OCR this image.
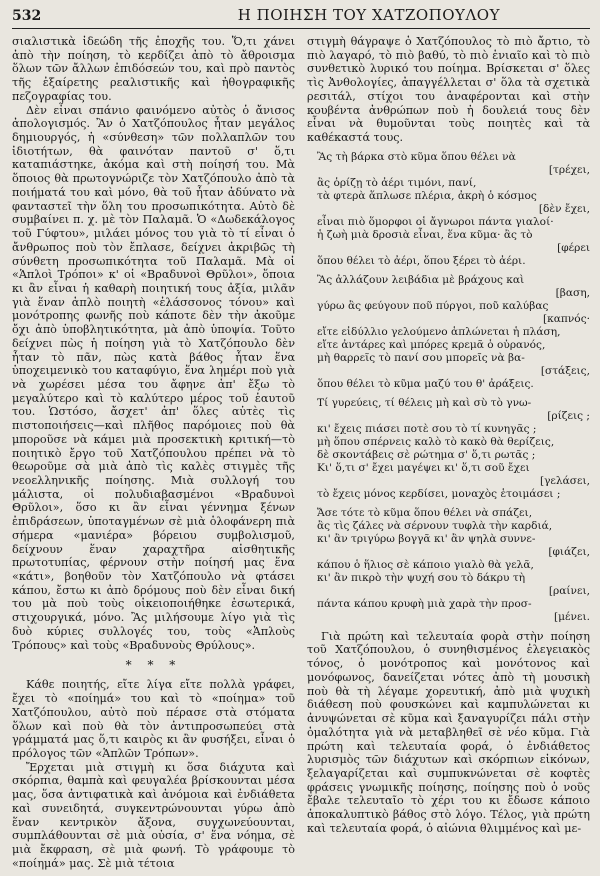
532	Η ΠΟΙΗΣΗ ΤΟΥ ΧΑΤΖΟΠΟΥΛΟΥ

σιαλιστικὰ ἰδεώδη τῆς ἐποχῆς του. Ὅ,τι χάνει ἀπὸ τὴν ποίηση, τὸ κερδίζει ἀπὸ τὸ ἄθροισμα ὅλων τῶν ἄλλων ἐπιδόσεών του, καὶ πρὸ παντὸς τῆς ἐξαίρετης ρεαλιστικῆς καὶ ἠθογραφικῆς πεζογραφίας του.

Δὲν εἶναι σπάνιο φαινόμενο αὐτὸς ὁ ἄνισος ἀπολογισμός. Ἂν ὁ Χατζόπουλος ἦταν μεγάλος δημιουργός, ἡ «σύνθεση» τῶν πολλαπλῶν του ἰδιοτήτων, θὰ φαινόταν παντοῦ σ' ὅ,τι καταπιάστηκε, ἀκόμα καὶ στὴ ποίησή του. Μὰ ὅποιος θὰ πρωτογνώριζε τὸν Χατζόπουλο ἀπὸ τὰ ποιήματά του καὶ μόνο, θὰ τοῦ ἦταν ἀδύνατο νὰ φανταστεῖ τὴν ὅλη του προσωπικότητα. Αὐτὸ δὲ συμβαίνει π. χ. μὲ τὸν Παλαμᾶ. Ὁ «Δωδεκάλογος τοῦ Γύφτου», μιλάει μόνος του γιὰ τὸ τί εἶναι ὁ ἄνθρωπος ποὺ τὸν ἔπλασε, δείχνει ἀκριβῶς τὴ σύνθετη προσωπικότητα τοῦ Παλαμᾶ. Μὰ οἱ «Ἁπλοὶ Τρόποι» κ' οἱ «Βραδυνοὶ Θρῦλοι», ὅποια κι ἂν εἶναι ἡ καθαρὴ ποιητική τους ἀξία, μιλᾶν γιὰ ἕναν ἁπλὸ ποιητὴ «ἐλάσσονος τόνου» καὶ μονότροπης φωνῆς ποὺ κάποτε δὲν τὴν ἀκοῦμε ὄχι ἀπὸ ὑποβλητικότητα, μὰ ἀπὸ ὑποψία. Τοῦτο δείχνει πὼς ἡ ποίηση γιὰ τὸ Χατζόπουλο δὲν ἦταν τὸ πᾶν, πὼς κατὰ βάθος ἦταν ἕνα ὑποχειμενικὸ του καταφύγιο, ἕνα λημέρι ποὺ γιὰ νὰ χωρέσει μέσα του ἄφηνε ἀπ' ἔξω τὸ μεγαλύτερο καὶ τὸ καλύτερο μέρος τοῦ ἑαυτοῦ του. Ὡστόσο, ἄσχετ' ἀπ' ὅλες αὐτὲς τὶς πιστοποιήσεις—καὶ πλῆθος παρόμοιες ποὺ θὰ μποροῦσε νὰ κάμει μιὰ προσεκτικὴ κριτική—τὸ ποιητικὸ ἔργο τοῦ Χατζόπουλου πρέπει νὰ τὸ θεωροῦμε σὰ μιὰ ἀπὸ τὶς καλὲς στιγμὲς τῆς νεοελληνικῆς ποίησης. Μιὰ συλλογή του μάλιστα, οἱ πολυδιαβασμένοι «Βραδυνοὶ Θρῦλοι», ὅσο κι ἂν εἶναι γέννημα ξένων ἐπιδράσεων, ὑποταγμένων σὲ μιὰ ὁλοφάνερη πιὰ σήμερα «μανιέρα» βόρειου συμβολισμοῦ, δείχνουν ἕναν χαραχτῆρα αἰσθητικῆς πρωτοτυπίας, φέρνουν στὴν ποίησή μας ἕνα «κάτι», βοηθοῦν τὸν Χατζόπουλο νὰ φτάσει κάπου, ἔστω κι ἀπὸ δρόμους ποὺ δὲν εἶναι δική του μὰ ποὺ τοὺς οἰκειοποιήθηκε ἐσωτερικά, στιχουργικά, μόνο. Ἂς μιλήσουμε λίγο γιὰ τὶς δυὸ κύριες συλλογές του, τοὺς «Ἁπλοὺς Τρόπους» καὶ τοὺς «Βραδυνοὺς Θρύλους».

* * *

Κάθε ποιητής, εἴτε λίγα εἴτε πολλὰ γράφει, ἔχει τὸ «ποίημά» του καὶ τὸ «ποίημα» τοῦ Χατζόπουλου, αὐτὸ ποὺ πέρασε στὰ στόματα ὅλων καὶ ποὺ θὰ τὸν ἀντιπροσωπεύει στὰ γράμματά μας ὅ,τι καιρὸς κι ἂν φυσήξει, εἶναι ὁ πρόλογος τῶν «Ἁπλῶν Τρόπων».

Ἔρχεται μιὰ στιγμὴ κι ὅσα διάχυτα καὶ σκόρπια, θαμπὰ καὶ φευγαλέα βρίσκουνται μέσα μας, ὅσα ἀντιφατικὰ καὶ ἀνόμοια καὶ ἐνδιάθετα καὶ συνειδητά, συγκεντρώνουνται γύρω ἀπὸ ἕναν κεντρικὸν ἄξονα, συγχωνεύουνται, συμπλάθουνται σὲ μιὰ οὐσία, σ' ἕνα νόημα, σὲ μιὰ ἔκφραση, σὲ μιὰ φωνή. Τὸ γράφουμε τὸ «ποίημά» μας. Σὲ μιὰ τέτοια

στιγμὴ θάγραψε ὁ Χατζόπουλος τὸ πιὸ ἄρτιο, τὸ πιὸ λαγαρό, τὸ πιὸ βαθύ, τὸ πιὸ ἑνιαῖο καὶ τὸ πιὸ συνθετικὸ λυρικό του ποίημα. Βρίσκεται σ' ὅλες τὶς Ἀνθολογίες, ἀπαγγέλλεται σ' ὅλα τὰ σχετικὰ ρεσιτάλ, στίχοι του ἀναφέρονται καὶ στὴν κουβέντα ἀνθρώπων ποὺ ἡ δουλειά τους δὲν εἶναι νὰ θυμοῦνται τοὺς ποιητὲς καὶ τὰ καθέκαστά τους.

Ἂς τὴ βάρκα στὸ κῦμα ὅπου θέλει νὰ
[τρέχει,
ἂς ὁρίζῃ τὸ ἀέρι τιμόνι, πανί,
τὰ φτερὰ ἅπλωσε πλέρια, ἀκρὴ ὁ κόσμος
[δὲν ἔχει,
εἶναι πιὸ ὅμορφοι οἱ ἄγνωροι πάντα γιαλοί·
ἡ ζωὴ μιὰ δροσιὰ εἶναι, ἕνα κῦμα· ἂς τὸ
[φέρει
ὅπου θέλει τὸ ἀέρι, ὅπου ξέρει τὸ ἀέρι.
Ἂς ἀλλάζουν λειβάδια μὲ βράχους καὶ
[βαση,
γύρω ἂς φεύγουν ποῦ πύργοι, ποῦ καλύβας
[καπνός·
εἴτε εἰδύλλιο γελούμενο ἁπλώνεται ἡ πλάση,
εἴτε ἀντάρες καὶ μπόρες κρεμᾶ ὁ οὐρανός,
μὴ θαρρεῖς τὸ πανί σου μπορεῖς νὰ βα-
[στάξεις,
ὅπου θέλει τὸ κῦμα μαζύ του θ' ἀράξεις.
Τί γυρεύεις, τί θέλεις μὴ καὶ σὺ τὸ γνω-
[ρίζεις ;
κι' ἔχεις πιάσει ποτὲ σου τὸ τί κυνηγᾶς ;
μὴ ὅπου σπέρνεις καλὸ τὸ κακὸ θὰ θερίζεις,
δὲ σκοντάβεις σὲ ρώτημα σ' ὅ,τι ρωτᾶς ;
Κι' ὅ,τι σ' ἔχει μαγέψει κι' ὅ,τι σοῦ ἔχει
[γελάσει,
τὸ ἔχεις μόνος κερδίσει, μοναχὸς ἑτοιμάσει ;
Ἄσε τότε τὸ κῦμα ὅπου θέλει νὰ σπάζει,
ἂς τὶς ζάλες νὰ σέρνουν τυφλὰ τὴν καρδιά,
κι' ἂν τριγύρω βογγᾶ κι' ἂν ψηλὰ συννε-
[φιάζει,
κάπου ὁ ἥλιος σὲ κάποιο γιαλὸ θὰ γελᾶ,
κι' ἂν πικρὸ τὴν ψυχή σου τὸ δάκρυ τὴ
[ραίνει,
πάντα κάπου κρυφὴ μιὰ χαρὰ τὴν προσ-
[μένει.

Γιὰ πρώτη καὶ τελευταία φορὰ στὴν ποίηση τοῦ Χατζόπουλου, ὁ συνηθισμένος ἐλεγειακὸς τόνος, ὁ μονότροπος καὶ μονότονος καὶ μονόφωνος, δανείζεται νότες ἀπὸ τὴ μουσικὴ ποὺ θὰ τὴ λέγαμε χορευτική, ἀπὸ μιὰ ψυχικὴ διάθεση ποὺ φουσκώνει καὶ καμπυλώνεται κι ἀνυψώνεται σὲ κῦμα καὶ ξαναγυρίζει πάλι στὴν ὁμαλότητα γιὰ νὰ μεταβληθεῖ σὲ νέο κῦμα. Γιὰ πρώτη καὶ τελευταία φορά, ὁ ἐνδιάθετος λυρισμὸς τῶν διάχυτων καὶ σκόρπιων εἰκόνων, ξελαγαρίζεται καὶ συμπυκνώνεται σὲ κοφτὲς φράσεις γνωμικῆς ποίησης, ποίησης ποὺ ὁ νοῦς ἔβαλε τελευταῖο τὸ χέρι του κι ἔδωσε κάποιο ἀποκαλυπτικὸ βάθος στὸ λόγο. Τέλος, γιὰ πρώτη καὶ τελευταία φορά, ὁ αἰώνια θλιμμένος καὶ με-
